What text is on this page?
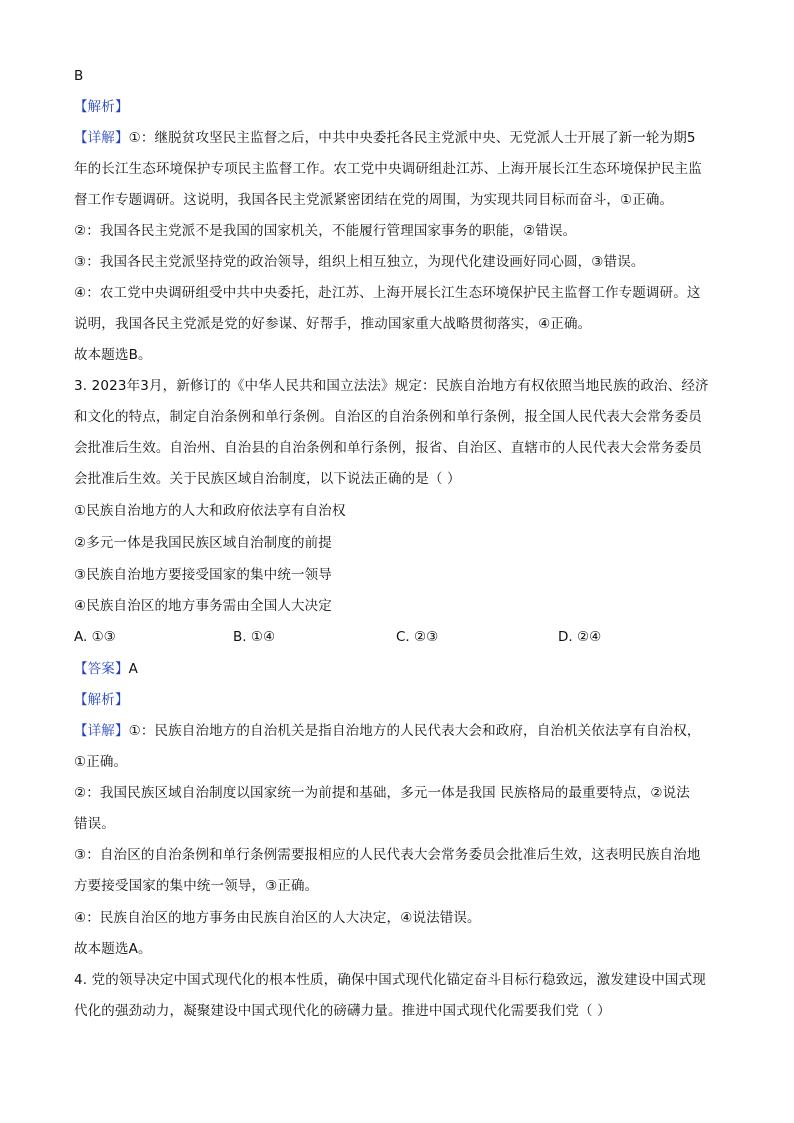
B
【解析】
【详解】①：继脱贫攻坚民主监督之后，中共中央委托各民主党派中央、无党派人士开展了新一轮为期5
年的长江生态环境保护专项民主监督工作。农工党中央调研组赴江苏、上海开展长江生态环境保护民主监
督工作专题调研。这说明，我国各民主党派紧密团结在党的周围，为实现共同目标而奋斗，①正确。
②：我国各民主党派不是我国的国家机关，不能履行管理国家事务的职能，②错误。
③：我国各民主党派坚持党的政治领导，组织上相互独立，为现代化建设画好同心圆，③错误。
④：农工党中央调研组受中共中央委托，赴江苏、上海开展长江生态环境保护民主监督工作专题调研。这
说明，我国各民主党派是党的好参谋、好帮手，推动国家重大战略贯彻落实，④正确。
故本题选B。
3. 2023年3月，新修订的《中华人民共和国立法法》规定：民族自治地方有权依照当地民族的政治、经济
和文化的特点，制定自治条例和单行条例。自治区的自治条例和单行条例，报全国人民代表大会常务委员
会批准后生效。自治州、自治县的自治条例和单行条例，报省、自治区、直辖市的人民代表大会常务委员
会批准后生效。关于民族区域自治制度，以下说法正确的是（ ）
①民族自治地方的人大和政府依法享有自治权
②多元一体是我国民族区域自治制度的前提
③民族自治地方要接受国家的集中统一领导
④民族自治区的地方事务需由全国人大决定
A. ①③	B. ①④	C. ②③	D. ②④
【答案】A
【解析】
【详解】①：民族自治地方的自治机关是指自治地方的人民代表大会和政府，自治机关依法享有自治权，
①正确。
②：我国民族区域自治制度以国家统一为前提和基础，多元一体是我国 民族格局的最重要特点，②说法
错误。
③：自治区的自治条例和单行条例需要报相应的人民代表大会常务委员会批准后生效，这表明民族自治地
方要接受国家的集中统一领导，③正确。
④：民族自治区的地方事务由民族自治区的人大决定，④说法错误。
故本题选A。
4. 党的领导决定中国式现代化的根本性质，确保中国式现代化锚定奋斗目标行稳致远，激发建设中国式现
代化的强劲动力，凝聚建设中国式现代化的磅礴力量。推进中国式现代化需要我们党（ ）
